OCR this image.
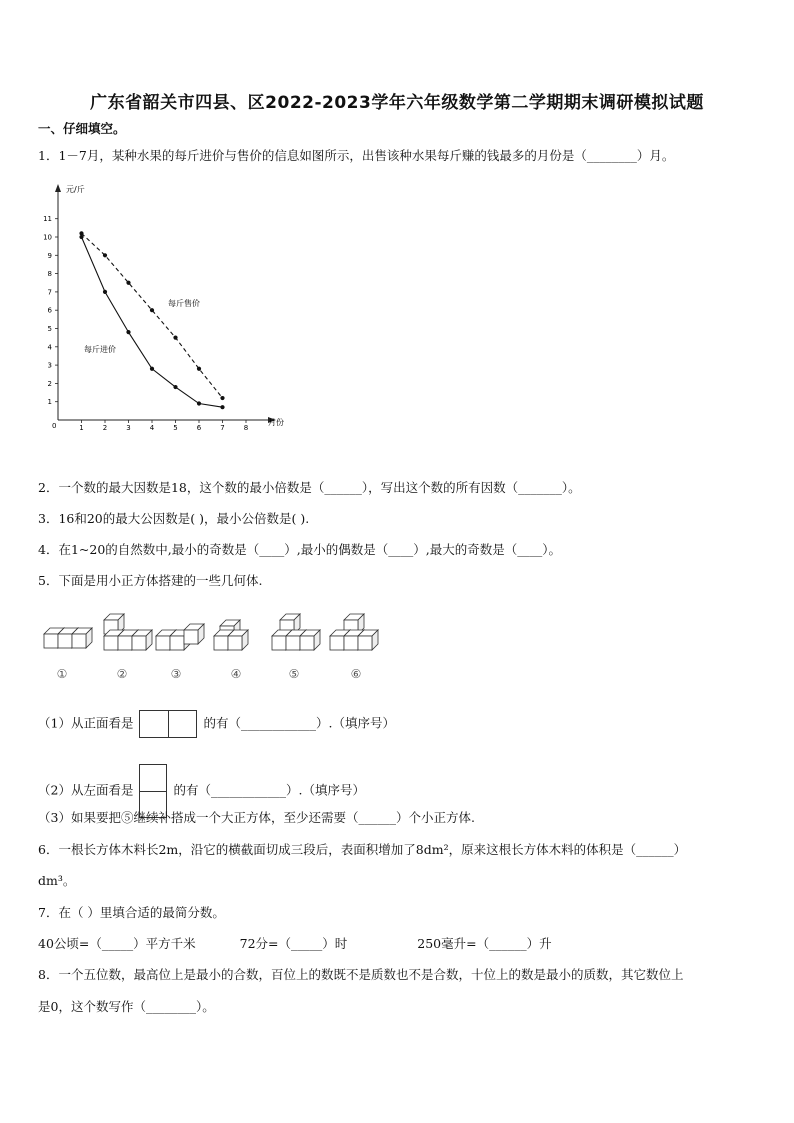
广东省韶关市四县、区2022-2023学年六年级数学第二学期期末调研模拟试题
一、仔细填空。
1．1－7月，某种水果的每斤进价与售价的信息如图所示，出售该种水果每斤赚的钱最多的月份是（________）月。
元/斤
月份
0
1
2
3
4
5
6
7
8
9
10
11
1	2	3	4	5	6	7	8
每斤售价
每斤进价
2．一个数的最大因数是18，这个数的最小倍数是（______），写出这个数的所有因数（_______）。
3．16和20的最大公因数是( )，最小公倍数是( ).
4．在1~20的自然数中,最小的奇数是（____）,最小的偶数是（____）,最大的奇数是（____）。
5．下面是用小正方体搭建的一些几何体.
①	②	③	④	⑤	⑥
（1）从正面看是	的有（____________）.（填序号）
（2）从左面看是	的有（____________）.（填序号）
（3）如果要把⑤继续补搭成一个大正方体，至少还需要（______）个小正方体.
6．一根长方体木料长2m，沿它的横截面切成三段后，表面积增加了8dm²，原来这根长方体木料的体积是（______）
dm³。
7．在（ ）里填合适的最简分数。
40公顷=（_____）平方千米	72分=（_____）时	250毫升=（______）升
8．一个五位数，最高位上是最小的合数，百位上的数既不是质数也不是合数，十位上的数是最小的质数，其它数位上
是0，这个数写作（________）。
